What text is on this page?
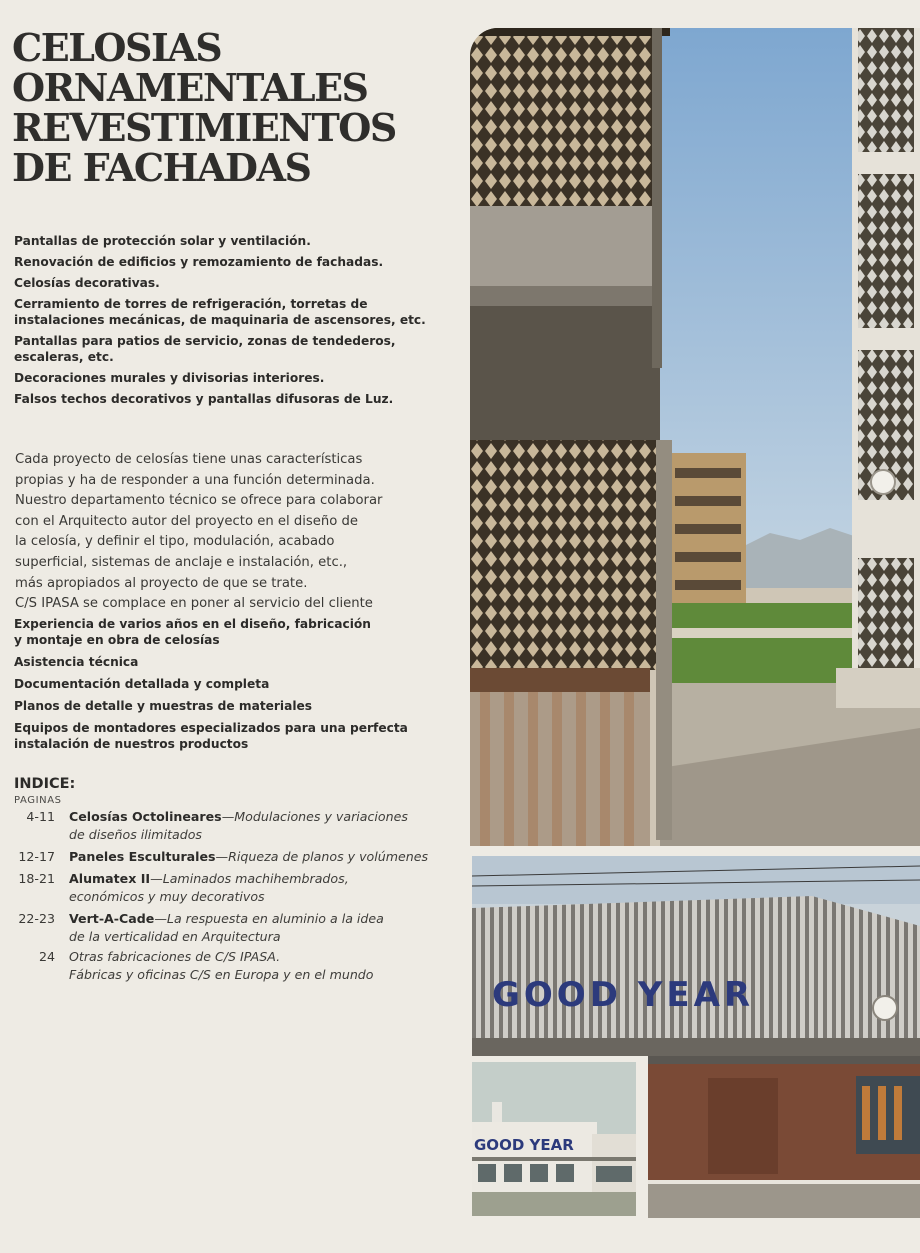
CELOSIAS
ORNAMENTALES
REVESTIMIENTOS
DE FACHADAS
Pantallas de protección solar y ventilación.
Renovación de edificios y remozamiento de fachadas.
Celosías decorativas.
Cerramiento de torres de refrigeración, torretas de
instalaciones mecánicas, de maquinaria de ascensores, etc.
Pantallas para patios de servicio, zonas de tendederos,
escaleras, etc.
Decoraciones murales y divisorias interiores.
Falsos techos decorativos y pantallas difusoras de Luz.

Cada proyecto de celosías tiene unas características
propias y ha de responder a una función determinada.
Nuestro departamento técnico se ofrece para colaborar
con el Arquitecto autor del proyecto en el diseño de
la celosía, y definir el tipo, modulación, acabado
superficial, sistemas de anclaje e instalación, etc.,
más apropiados al proyecto de que se trate.
C/S IPASA se complace en poner al servicio del cliente

Experiencia de varios años en el diseño, fabricación
y montaje en obra de celosías
Asistencia técnica
Documentación detallada y completa
Planos de detalle y muestras de materiales
Equipos de montadores especializados para una perfecta
instalación de nuestros productos
INDICE:
PAGINAS
4-11 Celosías Octolineares—Modulaciones y variaciones
de diseños ilimitados
12-17 Paneles Esculturales—Riqueza de planos y volúmenes
18-21 Alumatex II—Laminados machihembrados,
económicos y muy decorativos
22-23 Vert-A-Cade—La respuesta en aluminio a la idea
de la verticalidad en Arquitectura
24 Otras fabricaciones de C/S IPASA.
Fábricas y oficinas C/S en Europa y en el mundo
GOOD YEAR
GOOD YEAR
